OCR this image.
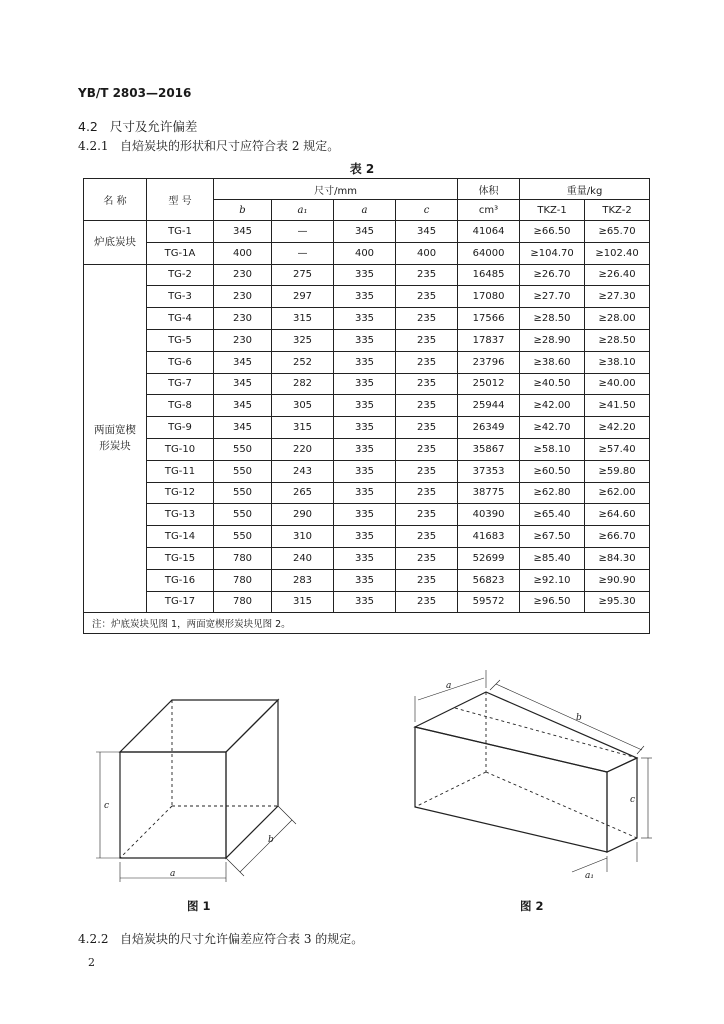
YB/T 2803—2016
4.2 尺寸及允许偏差
4.2.1 自焙炭块的形状和尺寸应符合表 2 规定。
表 2
名 称	型 号	尺寸/mm				体积	重量/kg	
		b	a₁	a	c	cm³	TKZ-1	TKZ-2
炉底炭块	TG-1	345	—	345	345	41064	≥66.50	≥65.70
	TG-1A	400	—	400	400	64000	≥104.70	≥102.40
两面宽楔形炭块	TG-2	230	275	335	235	16485	≥26.70	≥26.40
	TG-3	230	297	335	235	17080	≥27.70	≥27.30
	TG-4	230	315	335	235	17566	≥28.50	≥28.00
	TG-5	230	325	335	235	17837	≥28.90	≥28.50
	TG-6	345	252	335	235	23796	≥38.60	≥38.10
	TG-7	345	282	335	235	25012	≥40.50	≥40.00
	TG-8	345	305	335	235	25944	≥42.00	≥41.50
	TG-9	345	315	335	235	26349	≥42.70	≥42.20
	TG-10	550	220	335	235	35867	≥58.10	≥57.40
	TG-11	550	243	335	235	37353	≥60.50	≥59.80
	TG-12	550	265	335	235	38775	≥62.80	≥62.00
	TG-13	550	290	335	235	40390	≥65.40	≥64.60
	TG-14	550	310	335	235	41683	≥67.50	≥66.70
	TG-15	780	240	335	235	52699	≥85.40	≥84.30
	TG-16	780	283	335	235	56823	≥92.10	≥90.90
	TG-17	780	315	335	235	59572	≥96.50	≥95.30
注：炉底炭块见图 1，两面宽楔形炭块见图 2。								
c
a
b
a
b
c
a₁
图 1	图 2
4.2.2 自焙炭块的尺寸允许偏差应符合表 3 的规定。
2
